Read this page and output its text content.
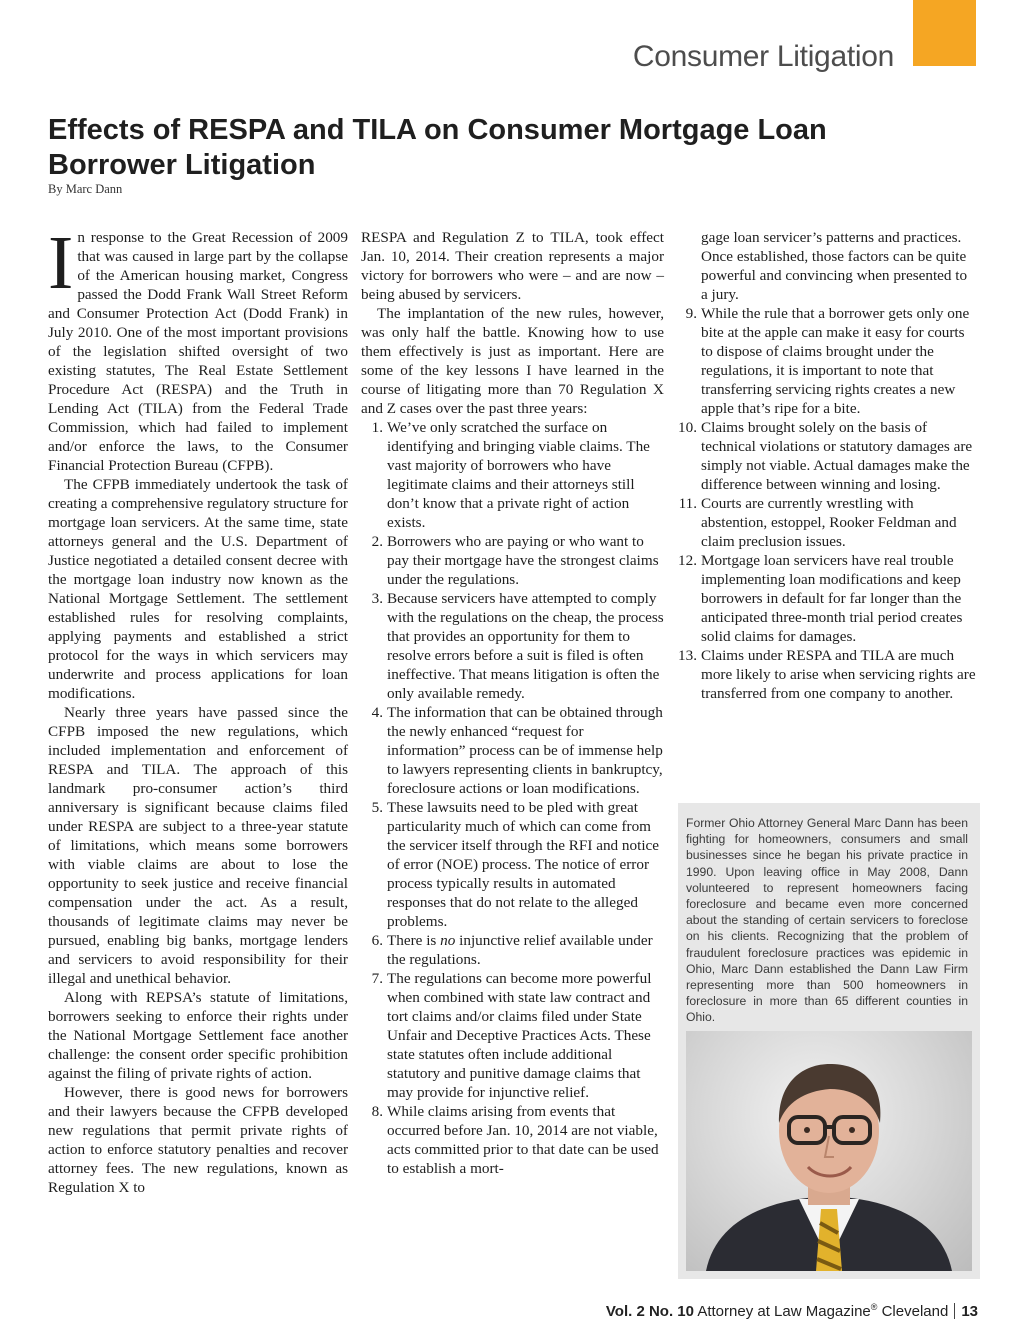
Consumer Litigation
Effects of RESPA and TILA on Consumer Mortgage Loan Borrower Litigation
By Marc Dann

In response to the Great Recession of 2009 that was caused in large part by the collapse of the American housing market, Congress passed the Dodd Frank Wall Street Reform and Consumer Protection Act (Dodd Frank) in July 2010. One of the most important provisions of the legislation shifted oversight of two existing statutes, The Real Estate Settlement Procedure Act (RESPA) and the Truth in Lending Act (TILA) from the Federal Trade Commission, which had failed to implement and/or enforce the laws, to the Consumer Financial Protection Bureau (CFPB).

The CFPB immediately undertook the task of creating a comprehensive regulatory structure for mortgage loan servicers. At the same time, state attorneys general and the U.S. Department of Justice negotiated a detailed consent decree with the mortgage loan industry now known as the National Mortgage Settlement. The settlement established rules for resolving complaints, applying payments and established a strict protocol for the ways in which servicers may underwrite and process applications for loan modifications.

Nearly three years have passed since the CFPB imposed the new regulations, which included implementation and enforcement of RESPA and TILA. The approach of this landmark pro-consumer action’s third anniversary is significant because claims filed under RESPA are subject to a three-year statute of limitations, which means some borrowers with viable claims are about to lose the opportunity to seek justice and receive financial compensation under the act. As a result, thousands of legitimate claims may never be pursued, enabling big banks, mortgage lenders and servicers to avoid responsibility for their illegal and unethical behavior.

Along with REPSA’s statute of limitations, borrowers seeking to enforce their rights under the National Mortgage Settlement face another challenge: the consent order specific prohibition against the filing of private rights of action.

However, there is good news for borrowers and their lawyers because the CFPB developed new regulations that permit private rights of action to enforce statutory penalties and recover attorney fees. The new regulations, known as Regulation X to

RESPA and Regulation Z to TILA, took effect Jan. 10, 2014. Their creation represents a major victory for borrowers who were – and are now – being abused by servicers.

The implantation of the new rules, however, was only half the battle. Knowing how to use them effectively is just as important. Here are some of the key lessons I have learned in the course of litigating more than 70 Regulation X and Z cases over the past three years:

1. We’ve only scratched the surface on identifying and bringing viable claims. The vast majority of borrowers who have legitimate claims and their attorneys still don’t know that a private right of action exists.
2. Borrowers who are paying or who want to pay their mortgage have the strongest claims under the regulations.
3. Because servicers have attempted to comply with the regulations on the cheap, the process that provides an opportunity for them to resolve errors before a suit is filed is often ineffective. That means litigation is often the only available remedy.
4. The information that can be obtained through the newly enhanced “request for information” process can be of immense help to lawyers representing clients in bankruptcy, foreclosure actions or loan modifications.
5. These lawsuits need to be pled with great particularity much of which can come from the servicer itself through the RFI and notice of error (NOE) process. The notice of error process typically results in automated responses that do not relate to the alleged problems.
6. There is no injunctive relief available under the regulations.
7. The regulations can become more powerful when combined with state law contract and tort claims and/or claims filed under State Unfair and Deceptive Practices Acts. These state statutes often include additional statutory and punitive damage claims that may provide for injunctive relief.
8. While claims arising from events that occurred before Jan. 10, 2014 are not viable, acts committed prior to that date can be used to establish a mort-
gage loan servicer’s patterns and practices. Once established, those factors can be quite powerful and convincing when presented to a jury.
9. While the rule that a borrower gets only one bite at the apple can make it easy for courts to dispose of claims brought under the regulations, it is important to note that transferring servicing rights creates a new apple that’s ripe for a bite.
10. Claims brought solely on the basis of technical violations or statutory damages are simply not viable. Actual damages make the difference between winning and losing.
11. Courts are currently wrestling with abstention, estoppel, Rooker Feldman and claim preclusion issues.
12. Mortgage loan servicers have real trouble implementing loan modifications and keep borrowers in default for far longer than the anticipated three-month trial period creates solid claims for damages.
13. Claims under RESPA and TILA are much more likely to arise when servicing rights are transferred from one company to another.

Former Ohio Attorney General Marc Dann has been fighting for homeowners, consumers and small businesses since he began his private practice in 1990. Upon leaving office in May 2008, Dann volunteered to represent homeowners facing foreclosure and became even more concerned about the standing of certain servicers to foreclose on his clients. Recognizing that the problem of fraudulent foreclosure practices was epidemic in Ohio, Marc Dann established the Dann Law Firm representing more than 500 homeowners in foreclosure in more than 65 different counties in Ohio.

Vol. 2 No. 10 Attorney at Law Magazine® Cleveland 13
